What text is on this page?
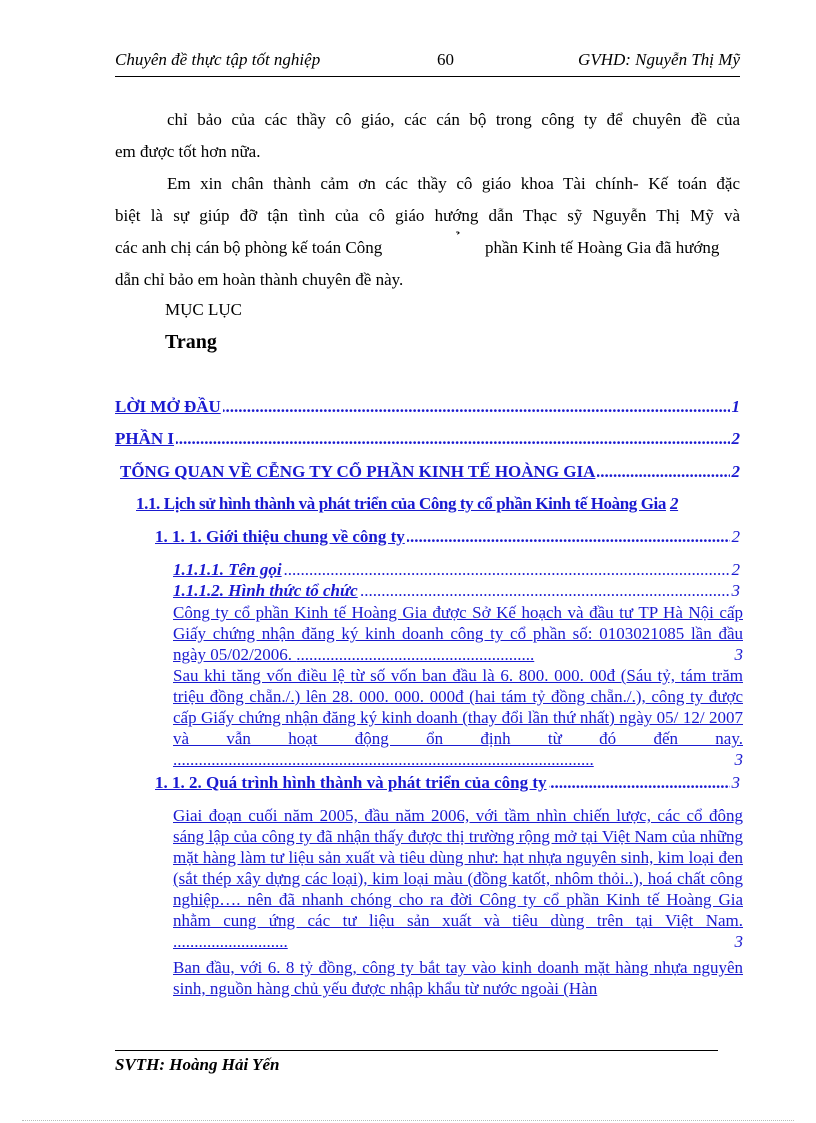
Chuyên đề thực tập tốt nghiệp	60	GVHD: Nguyễn Thị Mỹ

chỉ bảo của các thầy cô giáo, các cán bộ trong công ty để chuyên đề của

em được tốt hơn nữa.

Em xin chân thành cảm ơn các thầy cô giáo khoa Tài chính- Kế toán đặc

biệt là sự giúp đỡ tận tình của cô giáo hướng dẫn Thạc sỹ Nguyễn Thị Mỹ và

các anh chị cán bộ phòng kế toán Công	phần Kinh tế Hoàng Gia đã hướng

dẫn chỉ bảo em hoàn thành chuyên đề này.

MỤC LỤC
Trang
.....
LỜI MỞ ĐẦU	1
.....
PHẦN I	2
.....
TỔNG QUAN VỀ CỄNG TY CỔ PHẦN KINH TẾ HOÀNG GIA	2
1.1. Lịch sử hình thành và phát triển của Công ty cổ phần Kinh tế Hoàng Gia 2
.....
1. 1. 1. Giới thiệu chung về công ty	2
.....
1.1.1.1. Tên gọi	2
.....
1.1.1.2. Hình thức tổ chức	3
Công ty cổ phần Kinh tế Hoàng Gia được Sở Kế hoạch và đầu tư TP Hà Nội cấp Giấy chứng nhận đăng ký kinh doanh công ty cổ phần số: 0103021085 lần đầu ngày 05/02/2006. ........................................................	3
Sau khi tăng vốn điều lệ từ số vốn ban đầu là 6. 800. 000. 00đ (Sáu tỷ, tám trăm triệu đồng chẵn./.) lên 28. 000. 000. 000đ (hai tám tỷ đồng chẵn./.), công ty được cấp Giấy chứng nhận đăng ký kinh doanh (thay đổi lần thứ nhất) ngày 05/ 12/ 2007 và vẫn hoạt động ổn định từ đó đến nay. ...................................................................................................	3
.....
1. 1. 2. Quá trình hình thành và phát triển của công ty	3
Giai đoạn cuối năm 2005, đầu năm 2006, với tầm nhìn chiến lược, các cổ đông sáng lập của công ty đã nhận thấy được thị trường rộng mở tại Việt Nam của những mặt hàng làm tư liệu sản xuất và tiêu dùng như: hạt nhựa nguyên sinh, kim loại đen (sắt thép xây dựng các loại), kim loại màu (đồng katốt, nhôm thỏi..), hoá chất công nghiệp…. nên đã nhanh chóng cho ra đời Công ty cổ phần Kinh tế Hoàng Gia nhằm cung ứng các tư liệu sản xuất và tiêu dùng trên tại Việt Nam. ...........................	3
Ban đầu, với 6. 8 tỷ đồng, công ty bắt tay vào kinh doanh mặt hàng nhựa nguyên sinh, nguồn hàng chủ yếu được nhập khẩu từ nước ngoài (Hàn
SVTH: Hoàng Hải Yến
